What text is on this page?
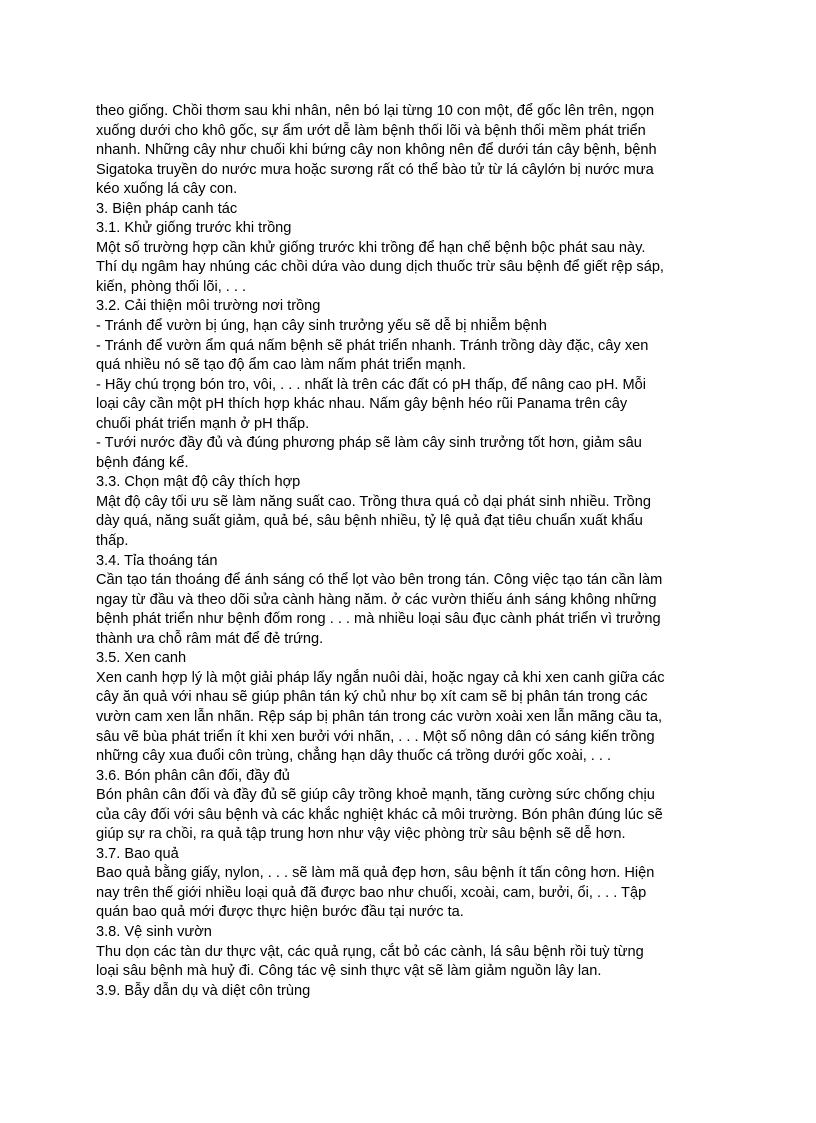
theo giống. Chồi thơm sau khi nhân, nên bó lại từng 10 con một, để gốc lên trên, ngọn
xuống dưới cho khô gốc, sự ẩm ướt dễ làm bệnh thối lõi và bệnh thối mềm phát triển
nhanh. Những cây như chuối khi bứng cây non không nên để dưới tán cây bệnh, bệnh
Sigatoka truyền do nước mưa hoặc sương rất có thể bào tử từ lá câylớn bị nước mưa
kéo xuống lá cây con.
3. Biện pháp canh tác
3.1. Khử giống trước khi trồng
Một số trường hợp cần khử giống trước khi trồng để hạn chế bệnh bộc phát sau này.
Thí dụ ngâm hay nhúng các chồi dứa vào dung dịch thuốc trừ sâu bệnh để giết rệp sáp,
kiến, phòng thối lõi, . . .
3.2. Cải thiện môi trường nơi trồng
- Tránh để vườn bị úng, hạn cây sinh trưởng yếu sẽ dễ bị nhiễm bệnh
- Tránh để vườn ẩm quá nấm bệnh sẽ phát triển nhanh. Tránh trồng dày đặc, cây xen
quá nhiều nó sẽ tạo độ ẩm cao làm nấm phát triển mạnh.
- Hãy chú trọng bón tro, vôi, . . . nhất là trên các đất có pH thấp, để nâng cao pH. Mỗi
loại cây cần một pH thích hợp khác nhau. Nấm gây bệnh héo rũi Panama trên cây
chuối phát triển mạnh ở pH thấp.
- Tưới nước đầy đủ và đúng phương pháp sẽ làm cây sinh trưởng tốt hơn, giảm sâu
bệnh đáng kể.
3.3. Chọn mật độ cây thích hợp
Mật độ cây tối ưu sẽ làm năng suất cao. Trồng thưa quá cỏ dại phát sinh nhiều. Trồng
dày quá, năng suất giảm, quả bé, sâu bệnh nhiều, tỷ lệ quả đạt tiêu chuẩn xuất khẩu
thấp.
3.4. Tỉa thoáng tán
Cần tạo tán thoáng để ánh sáng có thể lọt vào bên trong tán. Công việc tạo tán cần làm
ngay từ đầu và theo dõi sửa cành hàng năm. ở các vườn thiếu ánh sáng không những
bệnh phát triển như bệnh đốm rong . . . mà nhiều loại sâu đục cành phát triển vì trưởng
thành ưa chỗ râm mát để đẻ trứng.
3.5. Xen canh
Xen canh hợp lý là một giải pháp lấy ngắn nuôi dài, hoặc ngay cả khi xen canh giữa các
cây ăn quả với nhau sẽ giúp phân tán ký chủ như bọ xít cam sẽ bị phân tán trong các
vườn cam xen lẫn nhãn. Rệp sáp bị phân tán trong các vườn xoài xen lẫn mãng cầu ta,
sâu vẽ bùa phát triển ít khi xen bưởi với nhãn, . . . Một số nông dân có sáng kiến trồng
những cây xua đuổi côn trùng, chẳng hạn dây thuốc cá trồng dưới gốc xoài, . . .
3.6. Bón phân cân đối, đầy đủ
Bón phân cân đối và đầy đủ sẽ giúp cây trồng khoẻ mạnh, tăng cường sức chống chịu
của cây đối với sâu bệnh và các khắc nghiệt khác cả môi trường. Bón phân đúng lúc sẽ
giúp sự ra chồi, ra quả tập trung hơn như vậy việc phòng trừ sâu bệnh sẽ dễ hơn.
3.7. Bao quả
Bao quả bằng giấy, nylon, . . . sẽ làm mã quả đẹp hơn, sâu bệnh ít tấn công hơn. Hiện
nay trên thế giới nhiều loại quả đã được bao như chuối, xcoài, cam, bưởi, ổi, . . . Tập
quán bao quả mới được thực hiện bước đầu tại nước ta.
3.8. Vệ sinh vườn
Thu dọn các tàn dư thực vật, các quả rụng, cắt bỏ các cành, lá sâu bệnh rồi tuỳ từng
loại sâu bệnh mà huỷ đi. Công tác vệ sinh thực vật sẽ làm giảm nguồn lây lan.
3.9. Bẫy dẫn dụ và diệt côn trùng
